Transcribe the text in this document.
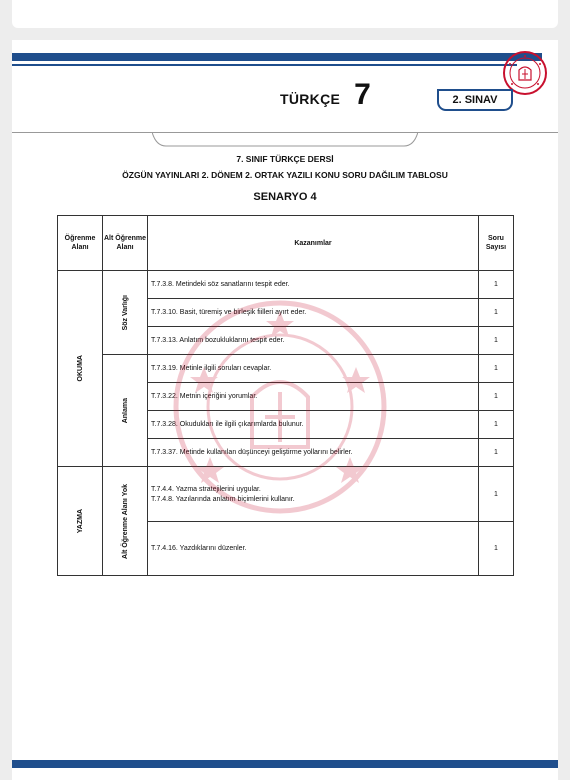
TÜRKÇE 7	2. SINAV
7. SINIF TÜRKÇE DERSİ
ÖZGÜN YAYINLARI 2. DÖNEM 2. ORTAK YAZILI KONU SORU DAĞILIM TABLOSU
SENARYO 4
Öğrenme Alanı	Alt Öğrenme Alanı	Kazanımlar	Soru Sayısı

OKUMA	Söz Varlığı	T.7.3.8. Metindeki söz sanatlarını tespit eder.	1
		T.7.3.10. Basit, türemiş ve birleşik fiilleri ayırt eder.	1
		T.7.3.13. Anlatım bozukluklarını tespit eder.	1

	Anlama	T.7.3.19. Metinle ilgili soruları cevaplar.	1
		T.7.3.22. Metnin içeriğini yorumlar.	1
		T.7.3.28. Okudukları ile ilgili çıkarımlarda bulunur.	1
		T.7.3.37. Metinde kullanılan düşünceyi geliştirme yollarını belirler.	1

YAZMA	Alt Öğrenme Alanı Yok	T.7.4.4. Yazma stratejilerini uygular.
T.7.4.8. Yazılarında anlatım biçimlerini kullanır.	1
		T.7.4.16. Yazdıklarını düzenler.	1
